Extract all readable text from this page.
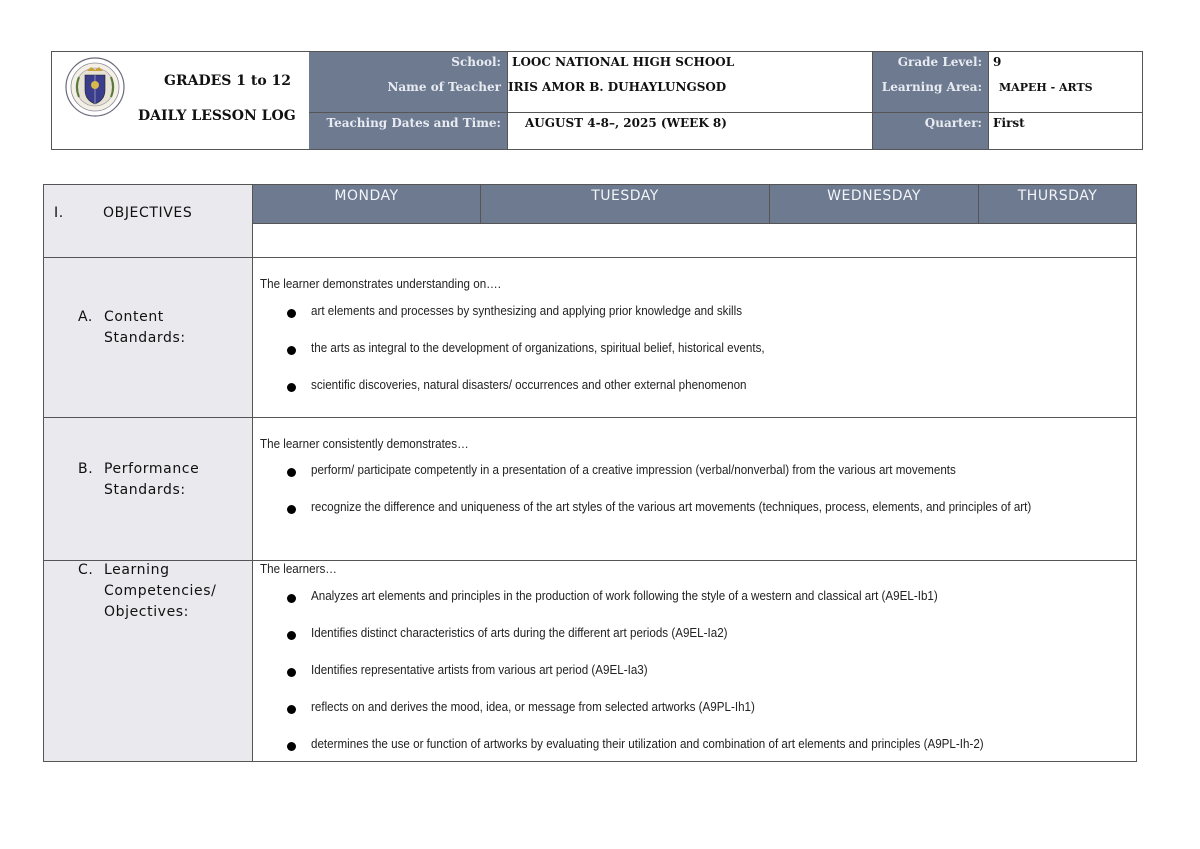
GRADES 1 to 12
DAILY LESSON LOG
School: LOOC NATIONAL HIGH SCHOOL	Grade Level: 9
Name of Teacher IRIS AMOR B. DUHAYLUNGSOD	Learning Area:	MAPEH - ARTS
Teaching Dates and Time:	AUGUST 4-8–, 2025 (WEEK 8)	Quarter: First
MONDAY	TUESDAY	WEDNESDAY	THURSDAY
I.	OBJECTIVES
A. Content
Standards:
The learner demonstrates understanding on….
art elements and processes by synthesizing and applying prior knowledge and skills
the arts as integral to the development of organizations, spiritual belief, historical events,
scientific discoveries, natural disasters/ occurrences and other external phenomenon
B. Performance
Standards:
The learner consistently demonstrates…
perform/ participate competently in a presentation of a creative impression (verbal/nonverbal) from the various art movements
recognize the difference and uniqueness of the art styles of the various art movements (techniques, process, elements, and principles of art)
C. Learning
Competencies/
Objectives:
The learners…
Analyzes art elements and principles in the production of work following the style of a western and classical art (A9EL-Ib1)
Identifies distinct characteristics of arts during the different art periods (A9EL-Ia2)
Identifies representative artists from various art period (A9EL-Ia3)
reflects on and derives the mood, idea, or message from selected artworks (A9PL-Ih1)
determines the use or function of artworks by evaluating their utilization and combination of art elements and principles (A9PL-Ih-2)
